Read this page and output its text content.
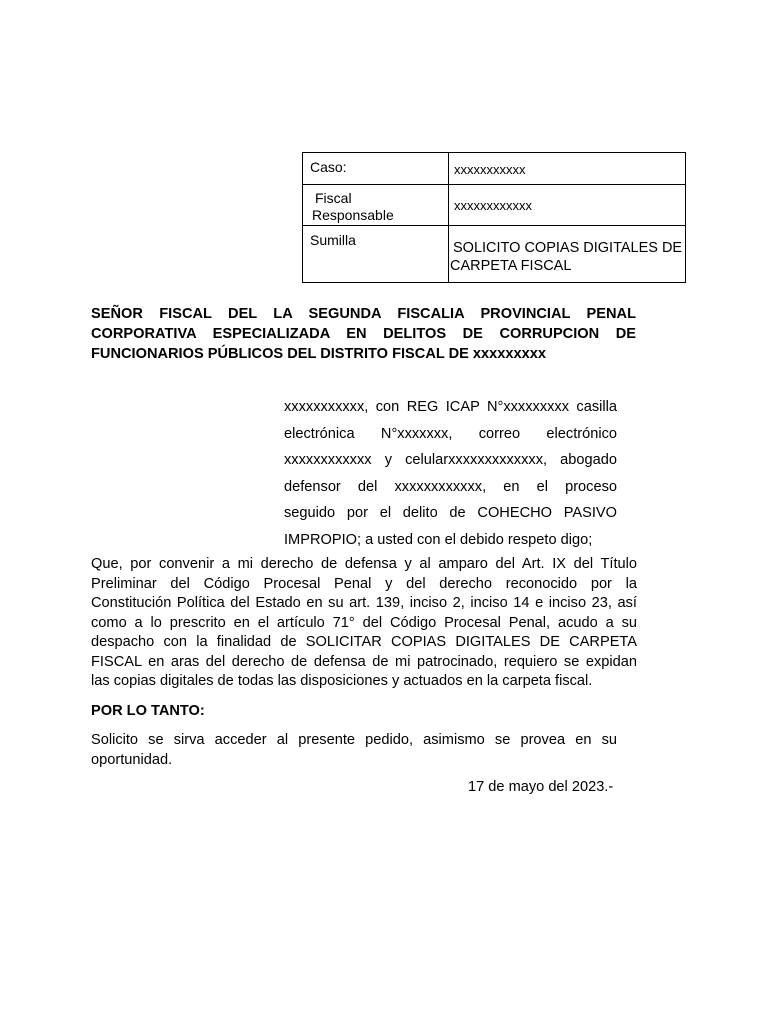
Caso:	xxxxxxxxxxx

Fiscal
Responsable	xxxxxxxxxxxx
Sumilla	SOLICITO COPIAS DIGITALES DE
CARPETA FISCAL
SEÑOR FISCAL DEL LA SEGUNDA FISCALIA PROVINCIAL PENAL
CORPORATIVA ESPECIALIZADA EN DELITOS DE CORRUPCION DE
FUNCIONARIOS PÚBLICOS DEL DISTRITO FISCAL DE xxxxxxxxx
xxxxxxxxxxx, con REG ICAP N°xxxxxxxxx casilla
electrónica N°xxxxxxx, correo electrónico
xxxxxxxxxxxx y celularxxxxxxxxxxxxx, abogado
defensor del xxxxxxxxxxxx, en el proceso
seguido por el delito de COHECHO PASIVO
IMPROPIO; a usted con el debido respeto digo;
Que, por convenir a mi derecho de defensa y al amparo del Art. IX del Título
Preliminar del Código Procesal Penal y del derecho reconocido por la
Constitución Política del Estado en su art. 139, inciso 2, inciso 14 e inciso 23, así
como a lo prescrito en el artículo 71° del Código Procesal Penal, acudo a su
despacho con la finalidad de SOLICITAR COPIAS DIGITALES DE CARPETA
FISCAL en aras del derecho de defensa de mi patrocinado, requiero se expidan
las copias digitales de todas las disposiciones y actuados en la carpeta fiscal.
POR LO TANTO:
Solicito se sirva acceder al presente pedido, asimismo se provea en su
oportunidad.
17 de mayo del 2023.-
